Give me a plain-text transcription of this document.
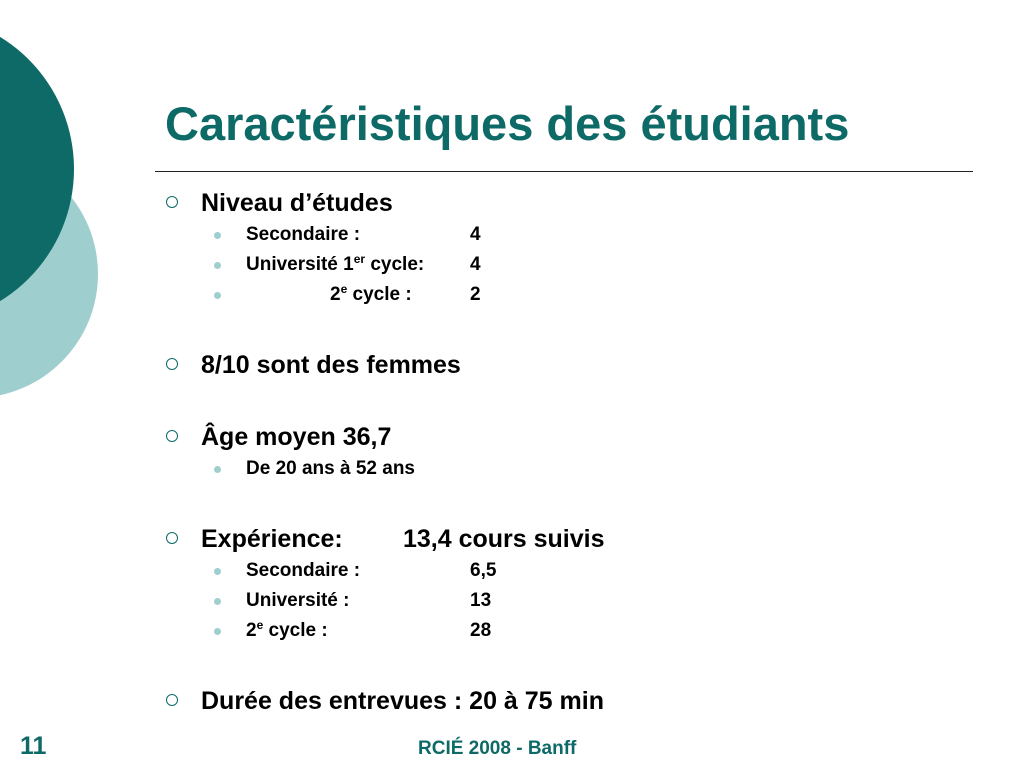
Caractéristiques des étudiants
Niveau d’études
Secondaire :	4
Université 1er cycle: 4
2e cycle :	2
8/10 sont des femmes
Âge moyen 36,7
De 20 ans à 52 ans
Expérience: 13,4 cours suivis
Secondaire :	6,5
Université :	13
2e cycle :	28
Durée des entrevues : 20 à 75 min
11	RCIÉ 2008 - Banff
